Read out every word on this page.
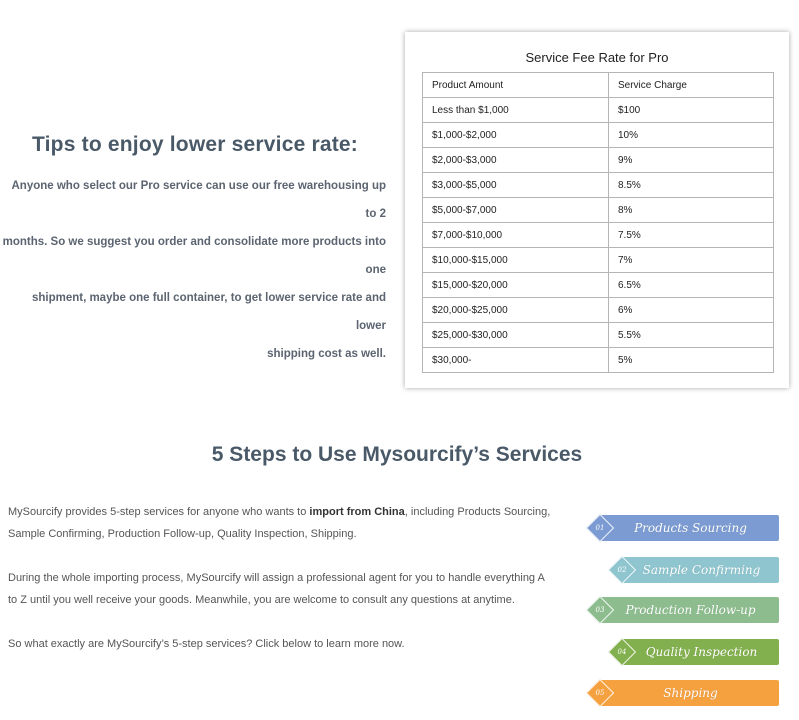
Tips to enjoy lower service rate:
Anyone who select our Pro service can use our free warehousing up to 2
months. So we suggest you order and consolidate more products into one
shipment, maybe one full container, to get lower service rate and lower
shipping cost as well.
Service Fee Rate for Pro
Product Amount	Service Charge
Less than $1,000	$100
$1,000-$2,000	10%
$2,000-$3,000	9%
$3,000-$5,000	8.5%
$5,000-$7,000	8%
$7,000-$10,000	7.5%
$10,000-$15,000	7%
$15,000-$20,000	6.5%
$20,000-$25,000	6%
$25,000-$30,000	5.5%
$30,000-	5%
5 Steps to Use Mysourcify’s Services
MySourcify provides 5-step services for anyone who wants to import from China, including Products Sourcing,
Sample Confirming, Production Follow-up, Quality Inspection, Shipping.
During the whole importing process, MySourcify will assign a professional agent for you to handle everything A
to Z until you well receive your goods. Meanwhile, you are welcome to consult any questions at anytime.
So what exactly are MySourcify’s 5-step services? Click below to learn more now.
01	Products Sourcing
02	Sample Confirming
03	Production Follow-up
04	Quality Inspection
05	Shipping
